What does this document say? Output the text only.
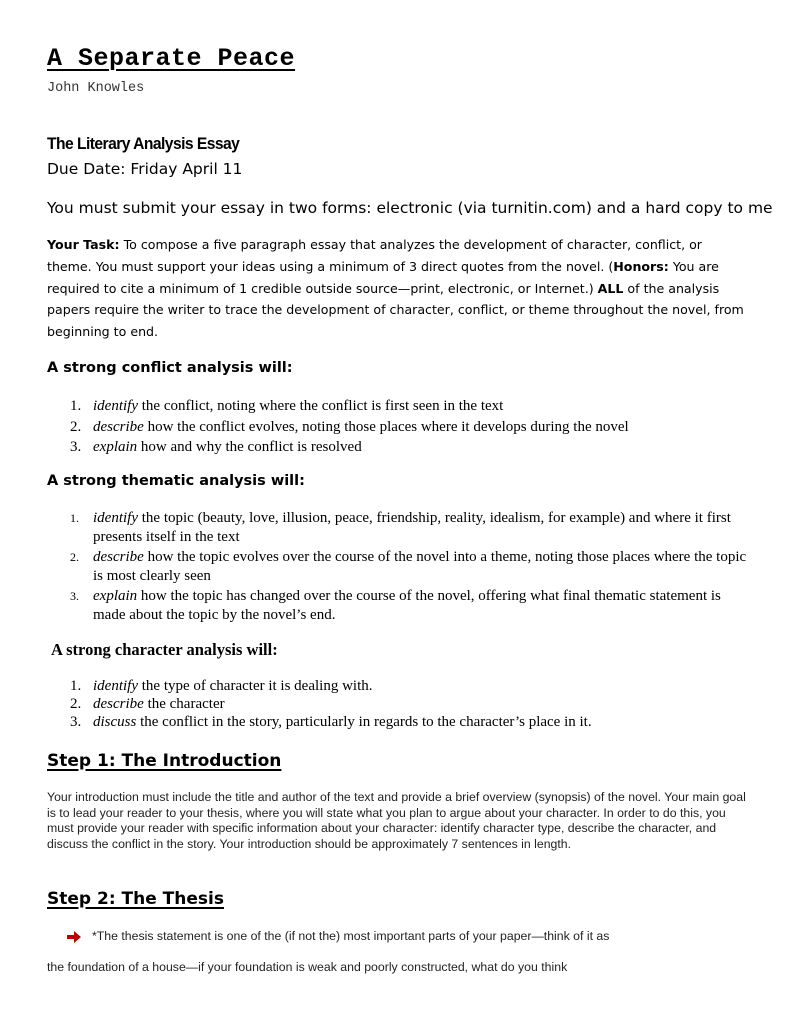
A Separate Peace
John Knowles
The Literary Analysis Essay
Due Date: Friday April 11
You must submit your essay in two forms: electronic (via turnitin.com) and a hard copy to me
Your Task: To compose a five paragraph essay that analyzes the development of character, conflict, or theme. You must support your ideas using a minimum of 3 direct quotes from the novel. (Honors: You are required to cite a minimum of 1 credible outside source—print, electronic, or Internet.) ALL of the analysis papers require the writer to trace the development of character, conflict, or theme throughout the novel, from beginning to end.
A strong conflict analysis will:
1. identify the conflict, noting where the conflict is first seen in the text
2. describe how the conflict evolves, noting those places where it develops during the novel
3. explain how and why the conflict is resolved
A strong thematic analysis will:
1. identify the topic (beauty, love, illusion, peace, friendship, reality, idealism, for example) and where it first presents itself in the text
2. describe how the topic evolves over the course of the novel into a theme, noting those places where the topic is most clearly seen
3. explain how the topic has changed over the course of the novel, offering what final thematic statement is made about the topic by the novel’s end.
A strong character analysis will:
1. identify the type of character it is dealing with.
2. describe the character
3. discuss the conflict in the story, particularly in regards to the character’s place in it.
Step 1: The Introduction
Your introduction must include the title and author of the text and provide a brief overview (synopsis) of the novel. Your main goal is to lead your reader to your thesis, where you will state what you plan to argue about your character. In order to do this, you must provide your reader with specific information about your character: identify character type, describe the character, and discuss the conflict in the story. Your introduction should be approximately 7 sentences in length.
Step 2: The Thesis
*The thesis statement is one of the (if not the) most important parts of your paper—think of it as
the foundation of a house—if your foundation is weak and poorly constructed, what do you think
